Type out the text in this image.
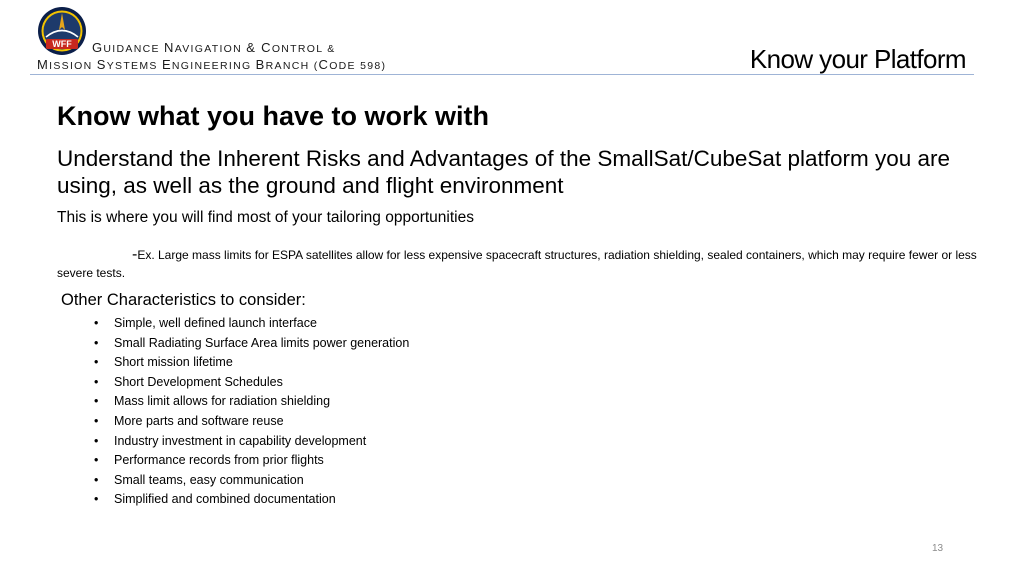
WFF GUIDANCE NAVIGATION & CONTROL &
MISSION SYSTEMS ENGINEERING BRANCH (CODE 598)	Know your Platform
Know what you have to work with
Understand the Inherent Risks and Advantages of the SmallSat/CubeSat platform you are using, as well as the ground and flight environment
This is where you will find most of your tailoring opportunities
-Ex. Large mass limits for ESPA satellites allow for less expensive spacecraft structures, radiation shielding, sealed containers, which may require fewer or less severe tests.
Other Characteristics to consider:
•	Simple, well defined launch interface
•	Small Radiating Surface Area limits power generation
•	Short mission lifetime
•	Short Development Schedules
•	Mass limit allows for radiation shielding
•	More parts and software reuse
•	Industry investment in capability development
•	Performance records from prior flights
•	Small teams, easy communication
•	Simplified and combined documentation
13
